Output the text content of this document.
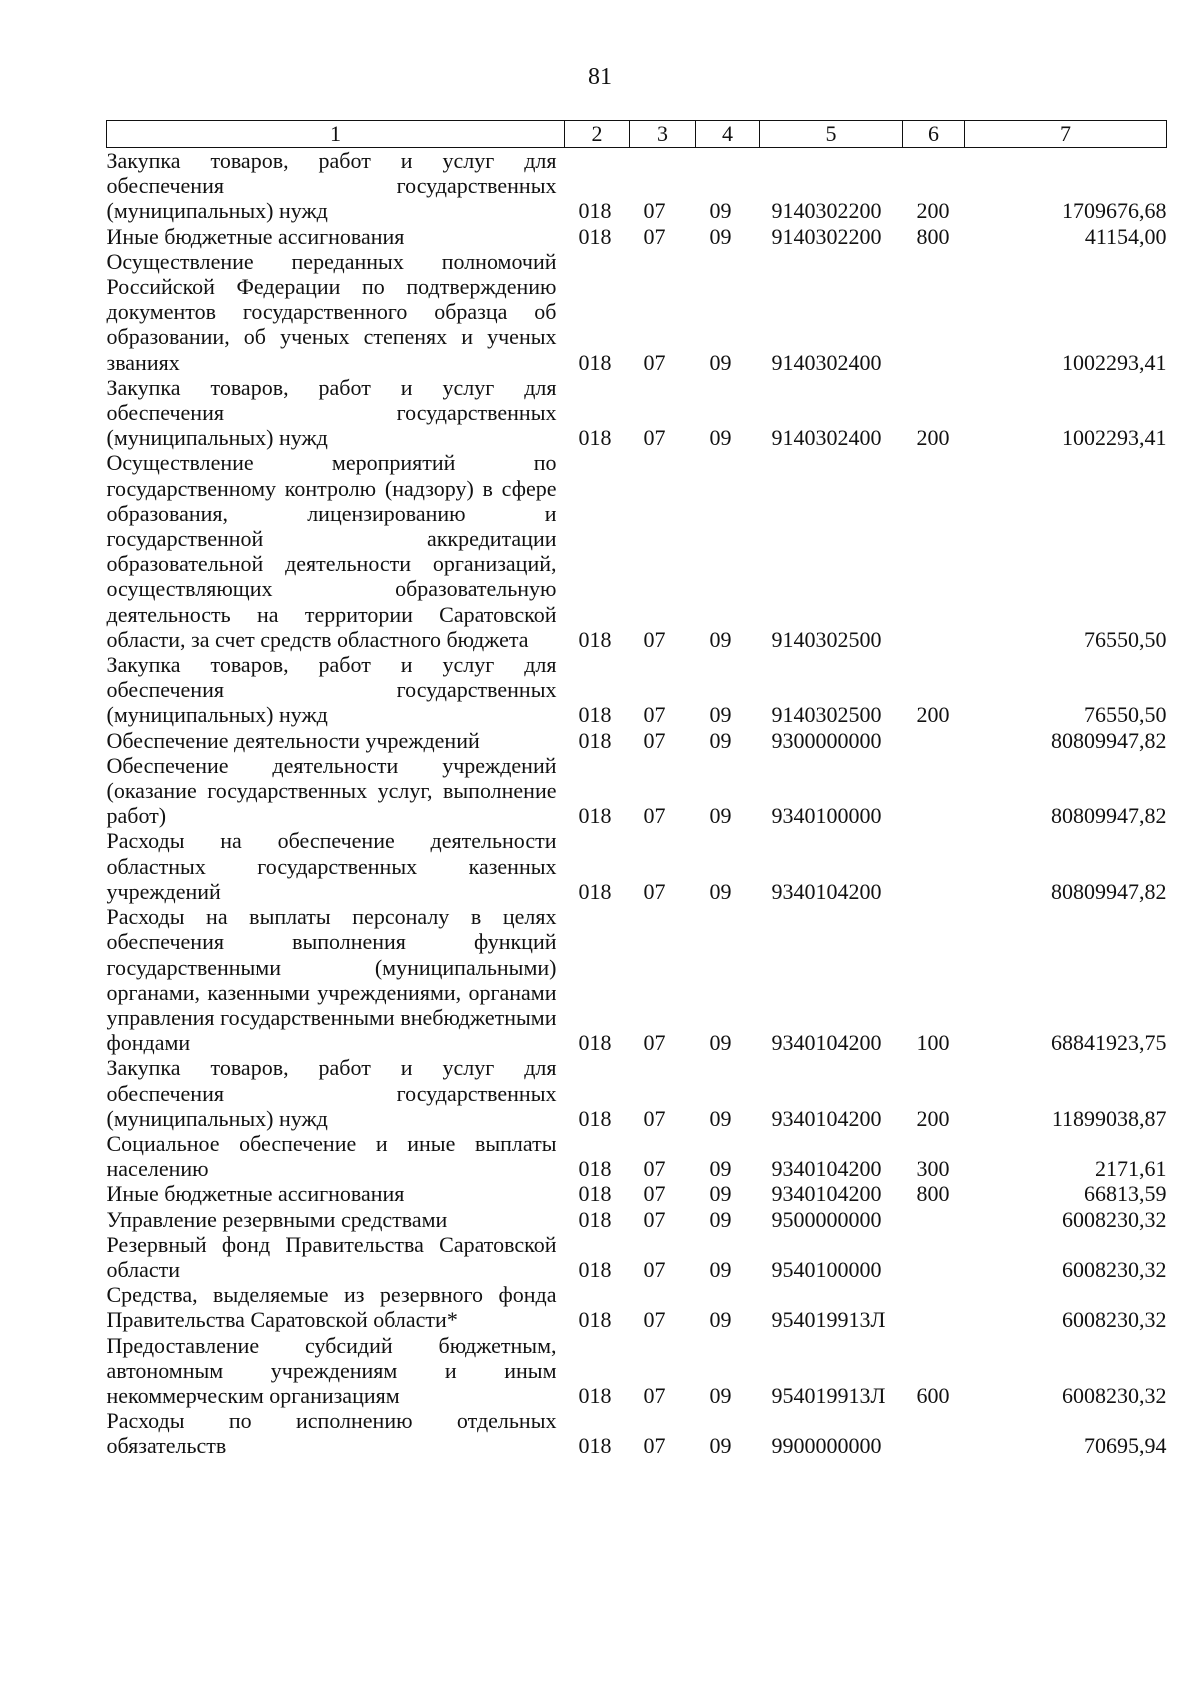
81
1	2	3	4	5	6	7
Закупка товаров, работ и услуг для обеспечения государственных (муниципальных) нужд	018	07	09	9140302200	200	1709676,68
Иные бюджетные ассигнования	018	07	09	9140302200	800	41154,00
Осуществление переданных полномочий Российской Федерации по подтверждению документов государственного образца об образовании, об ученых степенях и ученых званиях	018	07	09	9140302400		1002293,41
Закупка товаров, работ и услуг для обеспечения государственных (муниципальных) нужд	018	07	09	9140302400	200	1002293,41
Осуществление мероприятий по государственному контролю (надзору) в сфере образования, лицензированию и государственной аккредитации образовательной деятельности организаций, осуществляющих образовательную деятельность на территории Саратовской области, за счет средств областного бюджета	018	07	09	9140302500		76550,50
Закупка товаров, работ и услуг для обеспечения государственных (муниципальных) нужд	018	07	09	9140302500	200	76550,50
Обеспечение деятельности учреждений	018	07	09	9300000000		80809947,82
Обеспечение деятельности учреждений (оказание государственных услуг, выполнение работ)	018	07	09	9340100000		80809947,82
Расходы на обеспечение деятельности областных государственных казенных учреждений	018	07	09	9340104200		80809947,82
Расходы на выплаты персоналу в целях обеспечения выполнения функций государственными (муниципальными) органами, казенными учреждениями, органами управления государственными внебюджетными фондами	018	07	09	9340104200	100	68841923,75
Закупка товаров, работ и услуг для обеспечения государственных (муниципальных) нужд	018	07	09	9340104200	200	11899038,87
Социальное обеспечение и иные выплаты населению	018	07	09	9340104200	300	2171,61
Иные бюджетные ассигнования	018	07	09	9340104200	800	66813,59
Управление резервными средствами	018	07	09	9500000000		6008230,32
Резервный фонд Правительства Саратовской области	018	07	09	9540100000		6008230,32
Средства, выделяемые из резервного фонда Правительства Саратовской области*	018	07	09	954019913Л		6008230,32
Предоставление субсидий бюджетным, автономным учреждениям и иным некоммерческим организациям	018	07	09	954019913Л	600	6008230,32
Расходы по исполнению отдельных обязательств	018	07	09	9900000000		70695,94
